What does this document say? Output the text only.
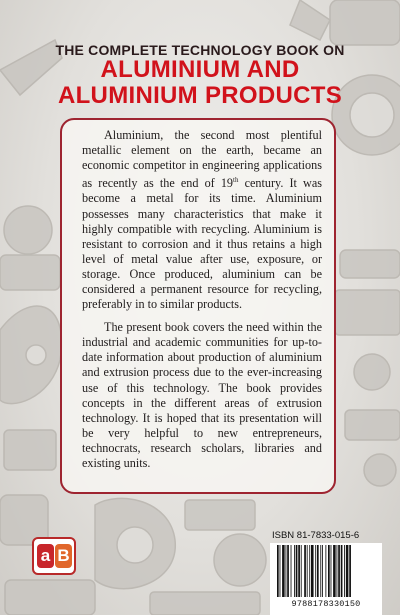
THE COMPLETE TECHNOLOGY BOOK ON
ALUMINIUM AND
ALUMINIUM PRODUCTS

Aluminium, the second most plentiful metallic element on the earth, became an economic competitor in engineering applications as recently as the end of 19th century. It was become a metal for its time. Aluminium possesses many characteristics that make it highly compatible with recycling. Aluminium is resistant to corrosion and it thus retains a high level of metal value after use, exposure, or storage. Once produced, aluminium can be considered a permanent resource for recycling, preferably in to similar products.

The present book covers the need within the industrial and academic communities for up-to-date information about production of aluminium and extrusion process due to the ever-increasing use of this technology. The book provides concepts in the different areas of extrusion technology. It is hoped that its presentation will be very helpful to new entrepreneurs, technocrats, research scholars, libraries and existing units.

a B
ISBN 81-7833-015-6
9788178330150
